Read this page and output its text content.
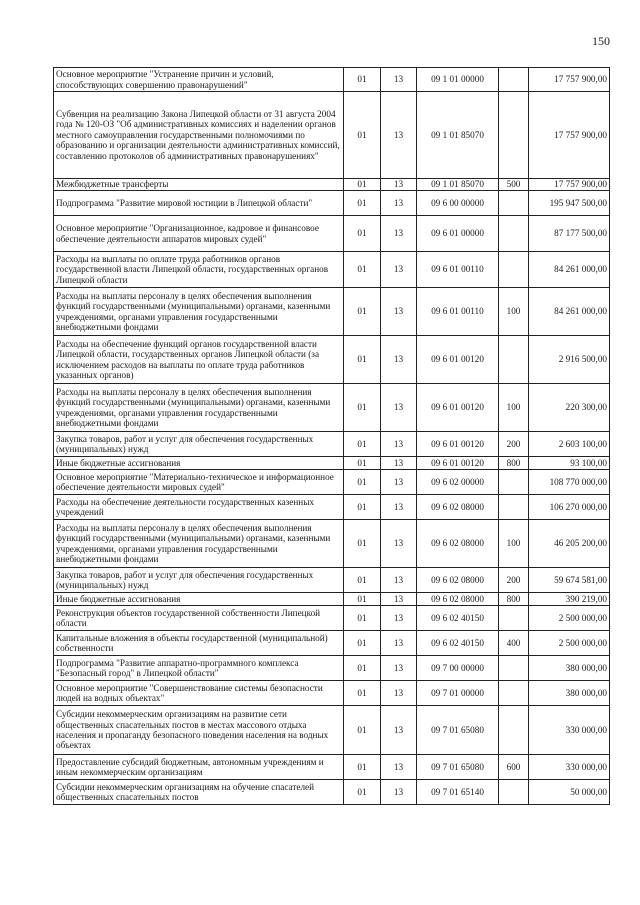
150
Основное мероприятие "Устранение причин и условий, способствующих совершению правонарушений"	01	13	09 1 01 00000		17 757 900,00
Субвенция на реализацию Закона Липецкой области от 31 августа 2004 года № 120-ОЗ "Об административных комиссиях и наделении органов местного самоуправления государственными полномочиями по образованию и организации деятельности административных комиссий, составлению протоколов об административных правонарушениях"	01	13	09 1 01 85070		17 757 900,00
Межбюджетные трансферты	01	13	09 1 01 85070	500	17 757 900,00
Подпрограмма "Развитие мировой юстиции в Липецкой области"	01	13	09 6 00 00000		195 947 500,00
Основное мероприятие "Организационное, кадровое и финансовое обеспечение деятельности аппаратов мировых судей"	01	13	09 6 01 00000		87 177 500,00
Расходы на выплаты по оплате труда работников органов государственной власти Липецкой области, государственных органов Липецкой области	01	13	09 6 01 00110		84 261 000,00
Расходы на выплаты персоналу в целях обеспечения выполнения функций государственными (муниципальными) органами, казенными учреждениями, органами управления государственными внебюджетными фондами	01	13	09 6 01 00110	100	84 261 000,00
Расходы на обеспечение функций органов государственной власти Липецкой области, государственных органов Липецкой области (за исключением расходов на выплаты по оплате труда работников указанных органов)	01	13	09 6 01 00120		2 916 500,00
Расходы на выплаты персоналу в целях обеспечения выполнения функций государственными (муниципальными) органами, казенными учреждениями, органами управления государственными внебюджетными фондами	01	13	09 6 01 00120	100	220 300,00
Закупка товаров, работ и услуг для обеспечения государственных (муниципальных) нужд	01	13	09 6 01 00120	200	2 603 100,00
Иные бюджетные ассигнования	01	13	09 6 01 00120	800	93 100,00
Основное мероприятие "Материально-техническое и информационное обеспечение деятельности мировых судей"	01	13	09 6 02 00000		108 770 000,00
Расходы на обеспечение деятельности государственных казенных учреждений	01	13	09 6 02 08000		106 270 000,00
Расходы на выплаты персоналу в целях обеспечения выполнения функций государственными (муниципальными) органами, казенными учреждениями, органами управления государственными внебюджетными фондами	01	13	09 6 02 08000	100	46 205 200,00
Закупка товаров, работ и услуг для обеспечения государственных (муниципальных) нужд	01	13	09 6 02 08000	200	59 674 581,00
Иные бюджетные ассигнования	01	13	09 6 02 08000	800	390 219,00
Реконструкция объектов государственной собственности Липецкой области	01	13	09 6 02 40150		2 500 000,00
Капитальные вложения в объекты государственной (муниципальной) собственности	01	13	09 6 02 40150	400	2 500 000,00
Подпрограмма "Развитие аппаратно-программного комплекса "Безопасный город" в Липецкой области"	01	13	09 7 00 00000		380 000,00
Основное мероприятие "Совершенствование системы безопасности людей на водных объектах"	01	13	09 7 01 00000		380 000,00
Субсидии некоммерческим организациям на развитие сети общественных спасательных постов в местах массового отдыха населения и пропаганду безопасного поведения населения на водных объектах	01	13	09 7 01 65080		330 000,00
Предоставление субсидий бюджетным, автономным учреждениям и иным некоммерческим организациям	01	13	09 7 01 65080	600	330 000,00
Субсидии некоммерческим организациям на обучение спасателей общественных спасательных постов	01	13	09 7 01 65140		50 000,00
